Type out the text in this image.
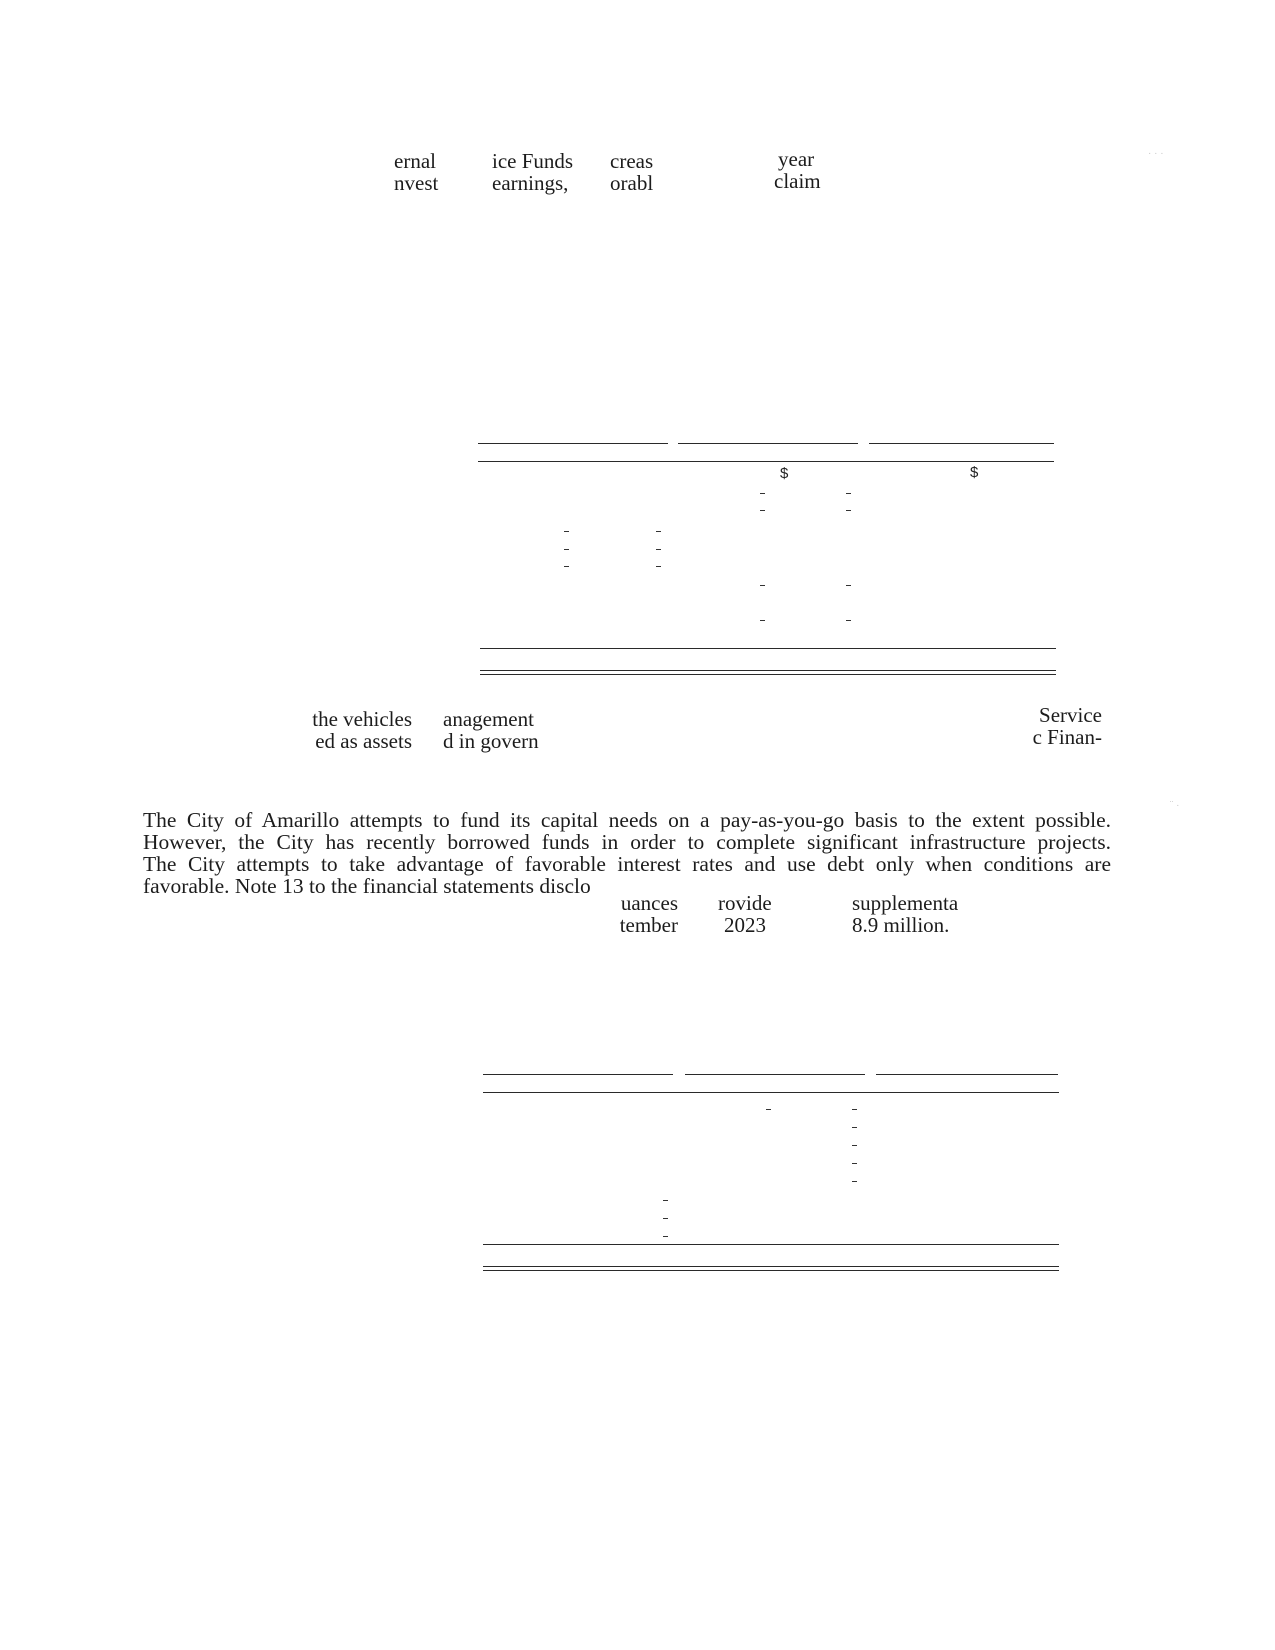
ernal
nvest
ice Funds
earnings,
creas
orabl
year
claim
$	$
the vehicles
ed as assets
anagement
d in govern
Service
c Finan-
The City of Amarillo attempts to fund its capital needs on a pay-as-you-go basis to the extent possible.
However, the City has recently borrowed funds in order to complete significant infrastructure projects.
The City attempts to take advantage of favorable interest rates and use debt only when conditions are
favorable. Note 13 to the financial statements disclo
uances
tember
rovide
2023
supplementa
8.9 million.
· · ·
¨ ·
